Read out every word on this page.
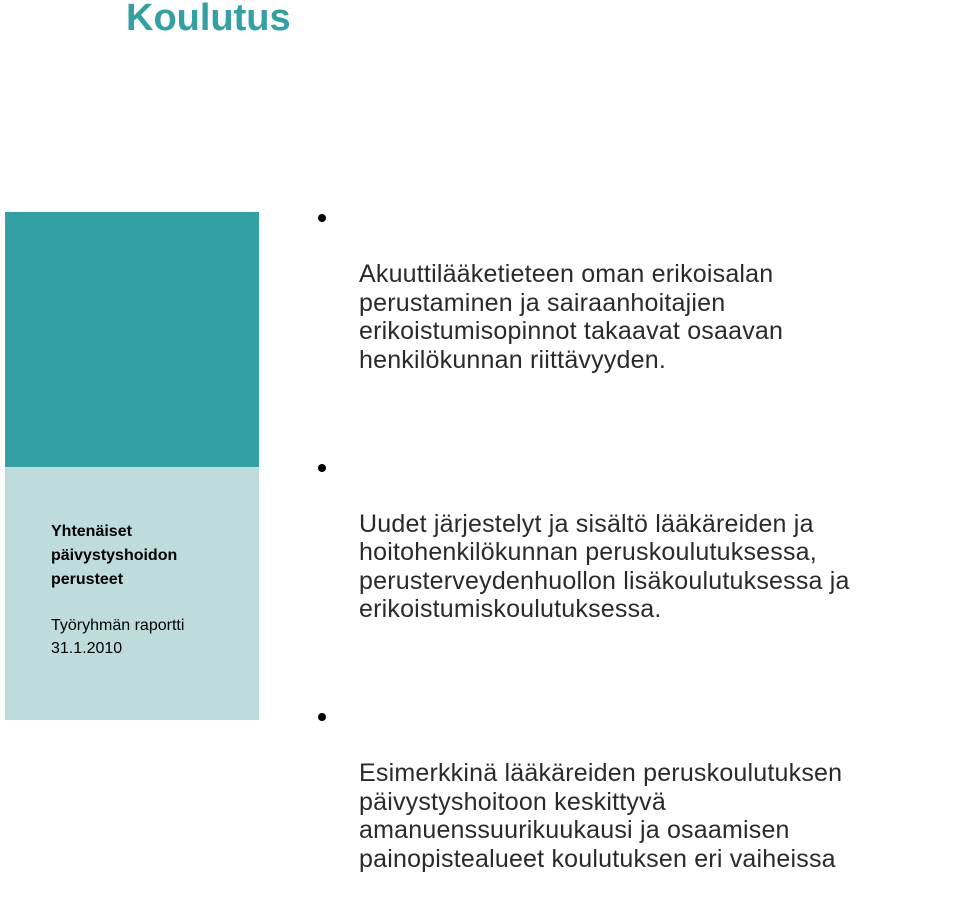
Koulutus

Yhtenäiset
päivystyshoidon
perusteet

Työryhmän raportti
31.1.2010

Akuuttilääketieteen oman erikoisalan
perustaminen ja sairaanhoitajien
erikoistumisopinnot takaavat osaavan
henkilökunnan riittävyyden.

Uudet järjestelyt ja sisältö lääkäreiden ja
hoitohenkilökunnan peruskoulutuksessa,
perusterveydenhuollon lisäkoulutuksessa ja
erikoistumiskoulutuksessa.

Esimerkkinä lääkäreiden peruskoulutuksen
päivystyshoitoon keskittyvä
amanuenssuurikuukausi ja osaamisen
painopistealueet koulutuksen eri vaiheissa
